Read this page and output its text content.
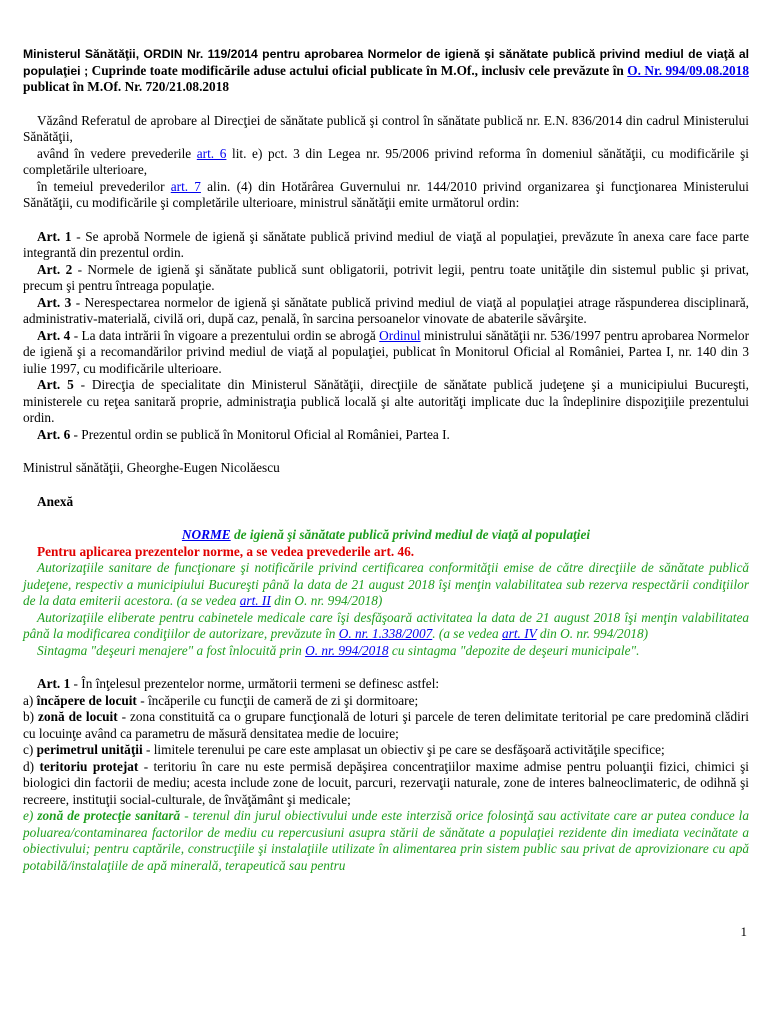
Ministerul Sănătăţii, ORDIN Nr. 119/2014 pentru aprobarea Normelor de igienă şi sănătate publică privind mediul de viaţă al populaţiei ; Cuprinde toate modificările aduse actului oficial publicate în M.Of., inclusiv cele prevăzute în O. Nr. 994/09.08.2018 publicat în M.Of. Nr. 720/21.08.2018

Văzând Referatul de aprobare al Direcţiei de sănătate publică şi control în sănătate publică nr. E.N. 836/2014 din cadrul Ministerului Sănătăţii,

având în vedere prevederile art. 6 lit. e) pct. 3 din Legea nr. 95/2006 privind reforma în domeniul sănătăţii, cu modificările şi completările ulterioare,

în temeiul prevederilor art. 7 alin. (4) din Hotărârea Guvernului nr. 144/2010 privind organizarea şi funcţionarea Ministerului Sănătăţii, cu modificările şi completările ulterioare, ministrul sănătăţii emite următorul ordin:

Art. 1 - Se aprobă Normele de igienă şi sănătate publică privind mediul de viaţă al populaţiei, prevăzute în anexa care face parte integrantă din prezentul ordin.

Art. 2 - Normele de igienă şi sănătate publică sunt obligatorii, potrivit legii, pentru toate unităţile din sistemul public şi privat, precum şi pentru întreaga populaţie.

Art. 3 - Nerespectarea normelor de igienă şi sănătate publică privind mediul de viaţă al populaţiei atrage răspunderea disciplinară, administrativ-materială, civilă ori, după caz, penală, în sarcina persoanelor vinovate de abaterile săvârşite.

Art. 4 - La data intrării în vigoare a prezentului ordin se abrogă Ordinul ministrului sănătăţii nr. 536/1997 pentru aprobarea Normelor de igienă şi a recomandărilor privind mediul de viaţă al populaţiei, publicat în Monitorul Oficial al României, Partea I, nr. 140 din 3 iulie 1997, cu modificările ulterioare.

Art. 5 - Direcţia de specialitate din Ministerul Sănătăţii, direcţiile de sănătate publică judeţene şi a municipiului Bucureşti, ministerele cu reţea sanitară proprie, administraţia publică locală şi alte autorităţi implicate duc la îndeplinire dispoziţiile prezentului ordin.

Art. 6 - Prezentul ordin se publică în Monitorul Oficial al României, Partea I.

Ministrul sănătăţii, Gheorghe-Eugen Nicolăescu

Anexă

NORME de igienă şi sănătate publică privind mediul de viaţă al populaţiei

Pentru aplicarea prezentelor norme, a se vedea prevederile art. 46.

Autorizaţiile sanitare de funcţionare şi notificările privind certificarea conformităţii emise de către direcţiile de sănătate publică judeţene, respectiv a municipiului Bucureşti până la data de 21 august 2018 îşi menţin valabilitatea sub rezerva respectării condiţiilor de la data emiterii acestora. (a se vedea art. II din O. nr. 994/2018)

Autorizaţiile eliberate pentru cabinetele medicale care îşi desfăşoară activitatea la data de 21 august 2018 îşi menţin valabilitatea până la modificarea condiţiilor de autorizare, prevăzute în O. nr. 1.338/2007. (a se vedea art. IV din O. nr. 994/2018)

Sintagma "deşeuri menajere" a fost înlocuită prin O. nr. 994/2018 cu sintagma "depozite de deşeuri municipale".

Art. 1 - În înţelesul prezentelor norme, următorii termeni se definesc astfel:

a) încăpere de locuit - încăperile cu funcţii de cameră de zi şi dormitoare;

b) zonă de locuit - zona constituită ca o grupare funcţională de loturi şi parcele de teren delimitate teritorial pe care predomină clădiri cu locuinţe având ca parametru de măsură densitatea medie de locuire;

c) perimetrul unităţii - limitele terenului pe care este amplasat un obiectiv şi pe care se desfăşoară activităţile specifice;

d) teritoriu protejat - teritoriu în care nu este permisă depăşirea concentraţiilor maxime admise pentru poluanţii fizici, chimici şi biologici din factorii de mediu; acesta include zone de locuit, parcuri, rezervaţii naturale, zone de interes balneoclimateric, de odihnă şi recreere, instituţii social-culturale, de învăţământ şi medicale;

e) zonă de protecţie sanitară - terenul din jurul obiectivului unde este interzisă orice folosinţă sau activitate care ar putea conduce la poluarea/contaminarea factorilor de mediu cu repercusiuni asupra stării de sănătate a populaţiei rezidente din imediata vecinătate a obiectivului; pentru captările, construcţiile şi instalaţiile utilizate în alimentarea prin sistem public sau privat de aprovizionare cu apă potabilă/instalaţiile de apă minerală, terapeutică sau pentru

1
